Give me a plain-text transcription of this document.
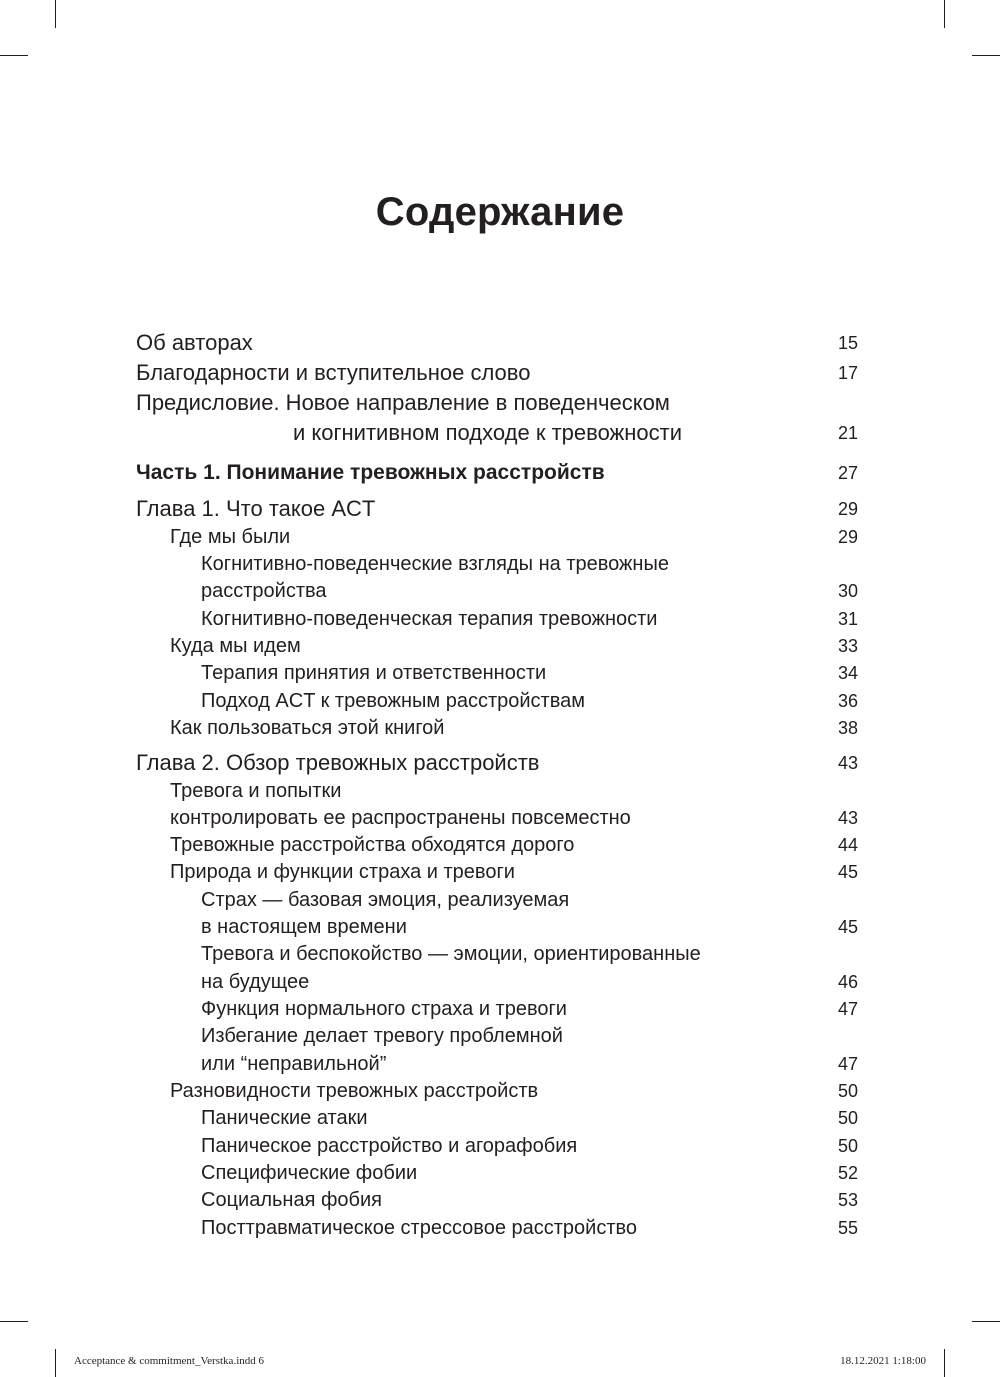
Содержание
Об авторах	15
Благодарности и вступительное слово	17
Предисловие. Новое направление в поведенческом
и когнитивном подходе к тревожности	21
Часть 1. Понимание тревожных расстройств	27
Глава 1. Что такое ACT	29
Где мы были	29
Когнитивно-поведенческие взгляды на тревожные
расстройства	30
Когнитивно-поведенческая терапия тревожности	31
Куда мы идем	33
Терапия принятия и ответственности	34
Подход ACT к тревожным расстройствам	36
Как пользоваться этой книгой	38
Глава 2. Обзор тревожных расстройств	43
Тревога и попытки
контролировать ее распространены повсеместно	43
Тревожные расстройства обходятся дорого	44
Природа и функции страха и тревоги	45
Страх — базовая эмоция, реализуемая
в настоящем времени	45
Тревога и беспокойство — эмоции, ориентированные
на будущее	46
Функция нормального страха и тревоги	47
Избегание делает тревогу проблемной
или “неправильной”	47
Разновидности тревожных расстройств	50
Панические атаки	50
Паническое расстройство и агорафобия	50
Специфические фобии	52
Социальная фобия	53
Посттравматическое стрессовое расстройство	55
Acceptance & commitment_Verstka.indd 6	18.12.2021 1:18:00
